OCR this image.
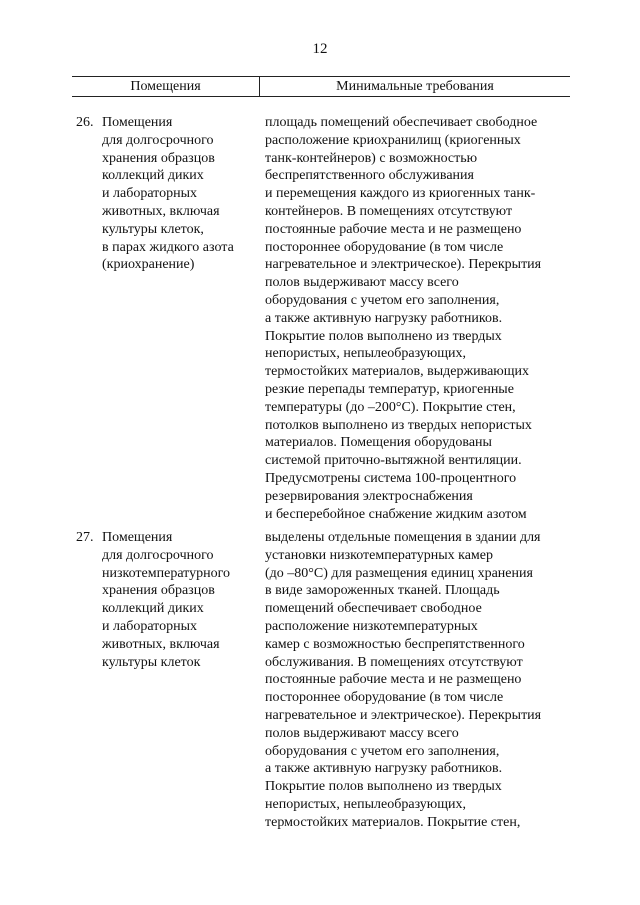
12
Помещения	Минимальные требования
26. Помещения
для долгосрочного
хранения образцов
коллекций диких
и лабораторных
животных, включая
культуры клеток,
в парах жидкого азота
(криохранение)
площадь помещений обеспечивает свободное
расположение криохранилищ (криогенных
танк-контейнеров) с возможностью
беспрепятственного обслуживания
и перемещения каждого из криогенных танк-
контейнеров. В помещениях отсутствуют
постоянные рабочие места и не размещено
постороннее оборудование (в том числе
нагревательное и электрическое). Перекрытия
полов выдерживают массу всего
оборудования с учетом его заполнения,
а также активную нагрузку работников.
Покрытие полов выполнено из твердых
непористых, непылеобразующих,
термостойких материалов, выдерживающих
резкие перепады температур, криогенные
температуры (до –200°С). Покрытие стен,
потолков выполнено из твердых непористых
материалов. Помещения оборудованы
системой приточно-вытяжной вентиляции.
Предусмотрены система 100-процентного
резервирования электроснабжения
и бесперебойное снабжение жидким азотом
27. Помещения
для долгосрочного
низкотемпературного
хранения образцов
коллекций диких
и лабораторных
животных, включая
культуры клеток
выделены отдельные помещения в здании для
установки низкотемпературных камер
(до –80°С) для размещения единиц хранения
в виде замороженных тканей. Площадь
помещений обеспечивает свободное
расположение низкотемпературных
камер с возможностью беспрепятственного
обслуживания. В помещениях отсутствуют
постоянные рабочие места и не размещено
постороннее оборудование (в том числе
нагревательное и электрическое). Перекрытия
полов выдерживают массу всего
оборудования с учетом его заполнения,
а также активную нагрузку работников.
Покрытие полов выполнено из твердых
непористых, непылеобразующих,
термостойких материалов. Покрытие стен,
